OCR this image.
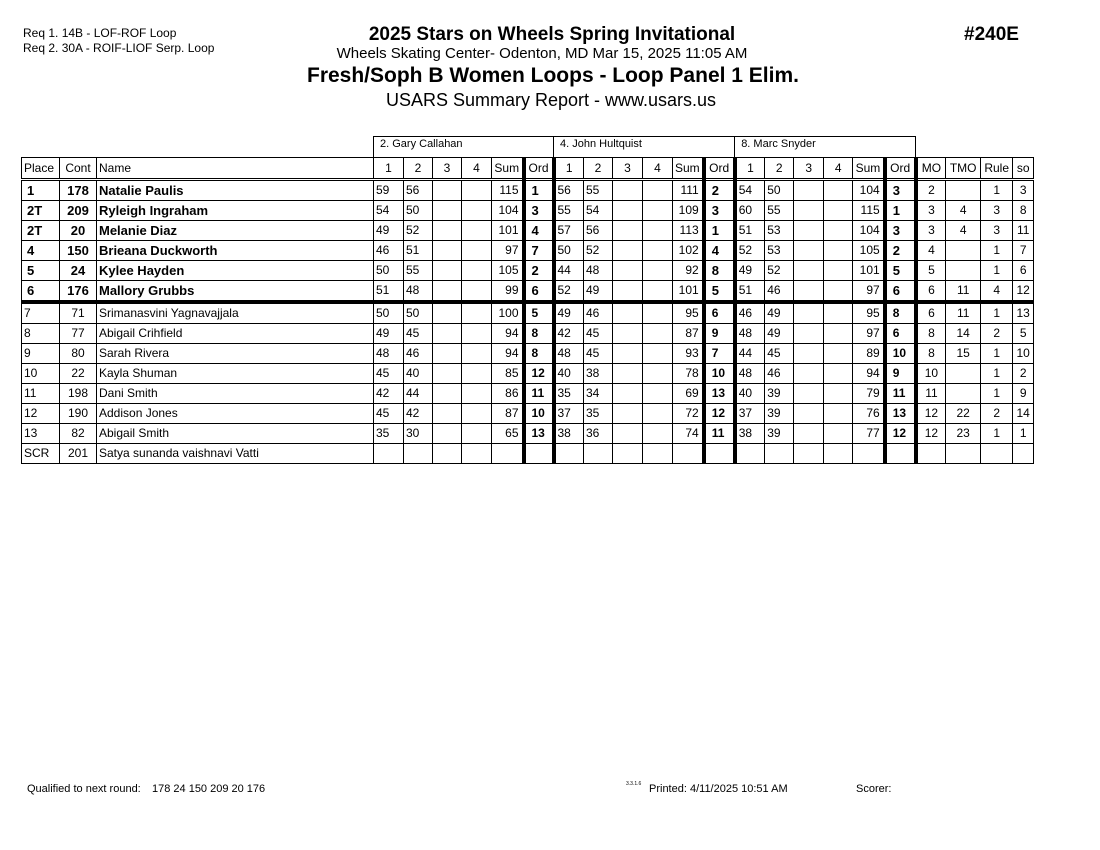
Req 1. 14B - LOF-ROF Loop
Req 2. 30A - ROIF-LIOF Serp. Loop
2025 Stars on Wheels Spring Invitational
Wheels Skating Center- Odenton, MD Mar 15, 2025 11:05 AM
Fresh/Soph B Women Loops - Loop Panel 1 Elim.
USARS Summary Report - www.usars.us
#240E
			2. Gary Callahan						4. John Hultquist						8. Marc Snyder									
Place	Cont	Name	1	2	3	4	Sum	Ord	1	2	3	4	Sum	Ord	1	2	3	4	Sum	Ord	MO	TMO	Rule	so
1	178	Natalie Paulis	59	56			115	1	56	55			111	2	54	50			104	3	2		1	3
2T	209	Ryleigh Ingraham	54	50			104	3	55	54			109	3	60	55			115	1	3	4	3	8
2T	20	Melanie Diaz	49	52			101	4	57	56			113	1	51	53			104	3	3	4	3	11
4	150	Brieana Duckworth	46	51			97	7	50	52			102	4	52	53			105	2	4		1	7
5	24	Kylee Hayden	50	55			105	2	44	48			92	8	49	52			101	5	5		1	6
6	176	Mallory Grubbs	51	48			99	6	52	49			101	5	51	46			97	6	6	11	4	12
7	71	Srimanasvini Yagnavajjala	50	50			100	5	49	46			95	6	46	49			95	8	6	11	1	13
8	77	Abigail Crihfield	49	45			94	8	42	45			87	9	48	49			97	6	8	14	2	5
9	80	Sarah Rivera	48	46			94	8	48	45			93	7	44	45			89	10	8	15	1	10
10	22	Kayla Shuman	45	40			85	12	40	38			78	10	48	46			94	9	10		1	2
11	198	Dani Smith	42	44			86	11	35	34			69	13	40	39			79	11	11		1	9
12	190	Addison Jones	45	42			87	10	37	35			72	12	37	39			76	13	12	22	2	14
13	82	Abigail Smith	35	30			65	13	38	36			74	11	38	39			77	12	12	23	1	1
SCR	201	Satya sunanda vaishnavi Vatti																						
Qualified to next round: 178 24 150 209 20 176	3.3.1.6 Printed: 4/11/2025 10:51 AM	Scorer:
